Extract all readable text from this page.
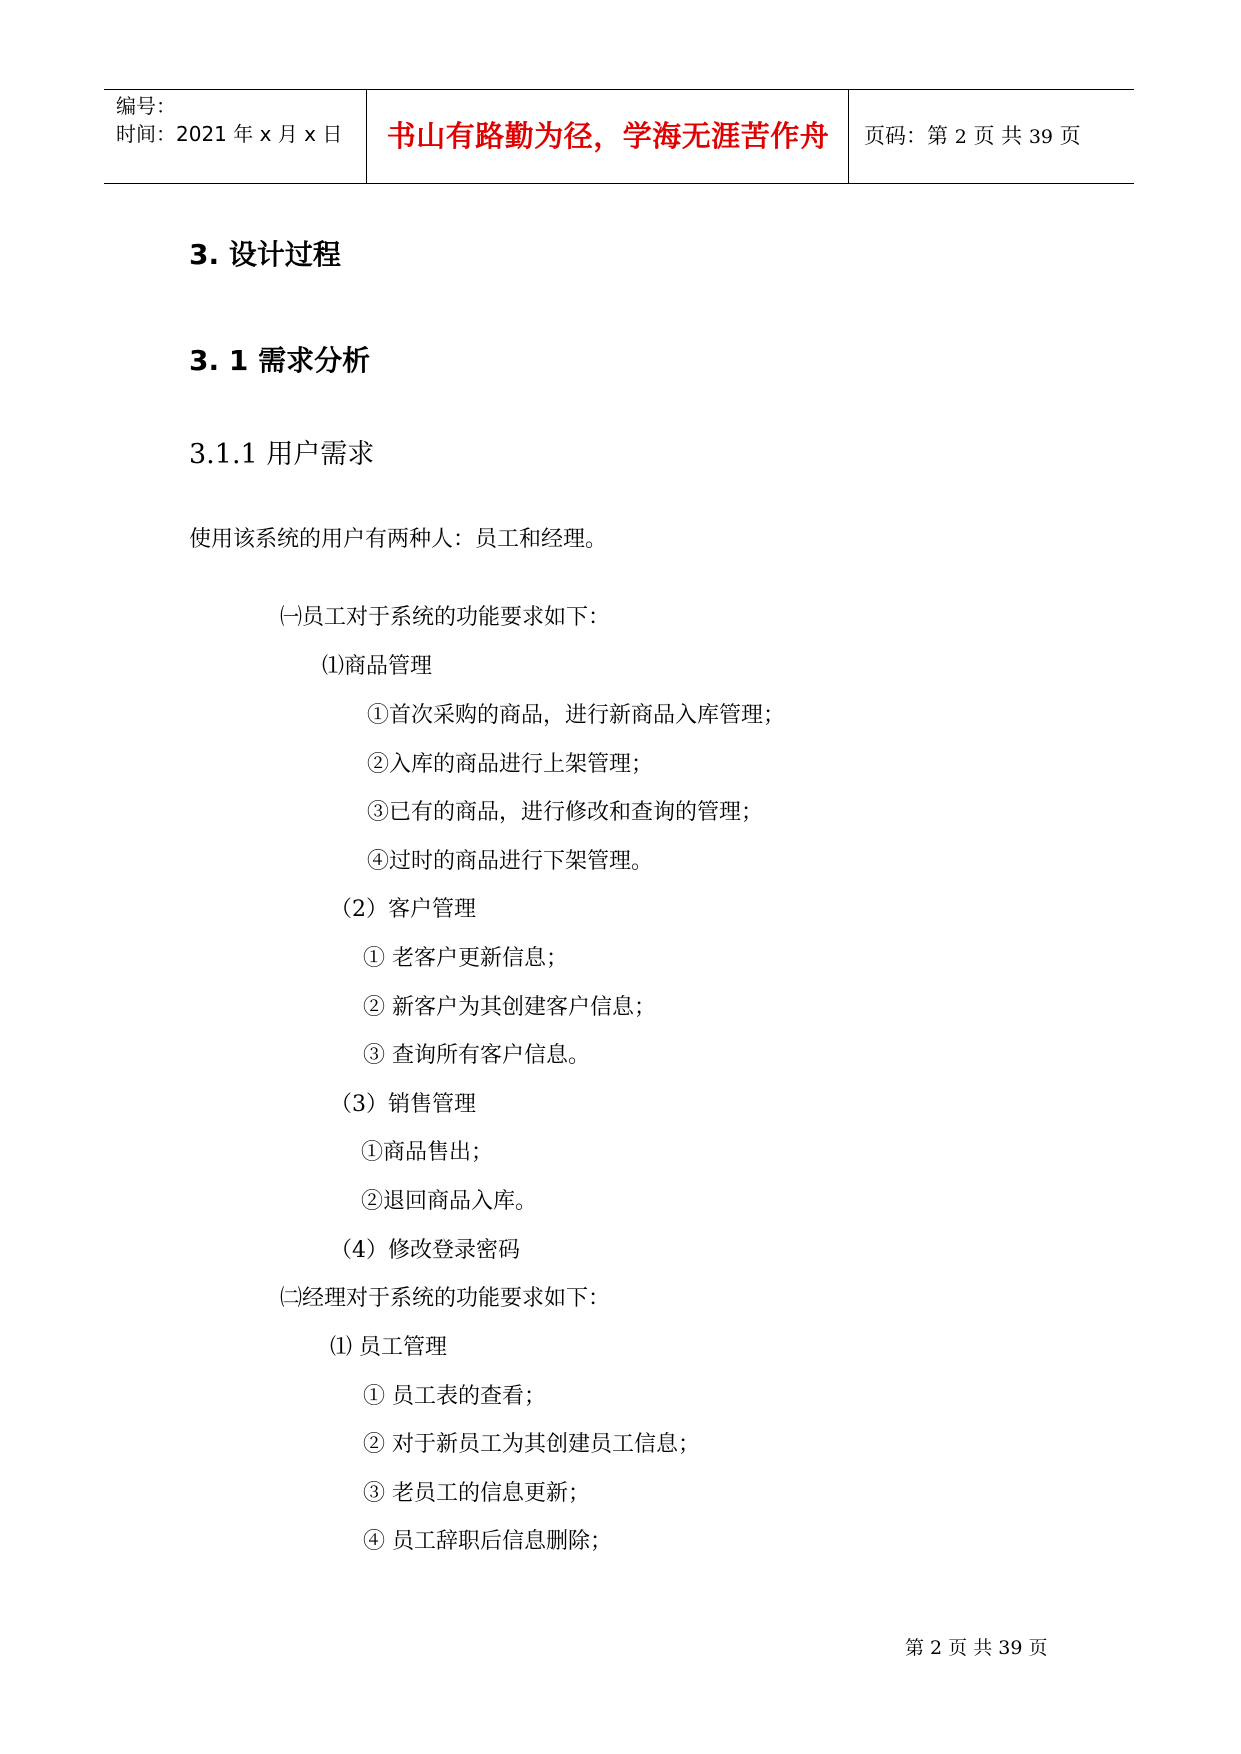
编号：
时间：2021 年 x 月 x 日	书山有路勤为径，学海无涯苦作舟	页码：第 2 页 共 39 页
3. 设计过程
3. 1 需求分析
3.1.1 用户需求
使用该系统的用户有两种人：员工和经理。
㈠员工对于系统的功能要求如下：
⑴商品管理
①首次采购的商品，进行新商品入库管理；
②入库的商品进行上架管理；
③已有的商品，进行修改和查询的管理；
④过时的商品进行下架管理。
（2）客户管理
① 老客户更新信息；
② 新客户为其创建客户信息；
③ 查询所有客户信息。
（3）销售管理
①商品售出；
②退回商品入库。
（4）修改登录密码
㈡经理对于系统的功能要求如下：
⑴ 员工管理
① 员工表的查看；
② 对于新员工为其创建员工信息；
③ 老员工的信息更新；
④ 员工辞职后信息删除；
第 2 页 共 39 页
